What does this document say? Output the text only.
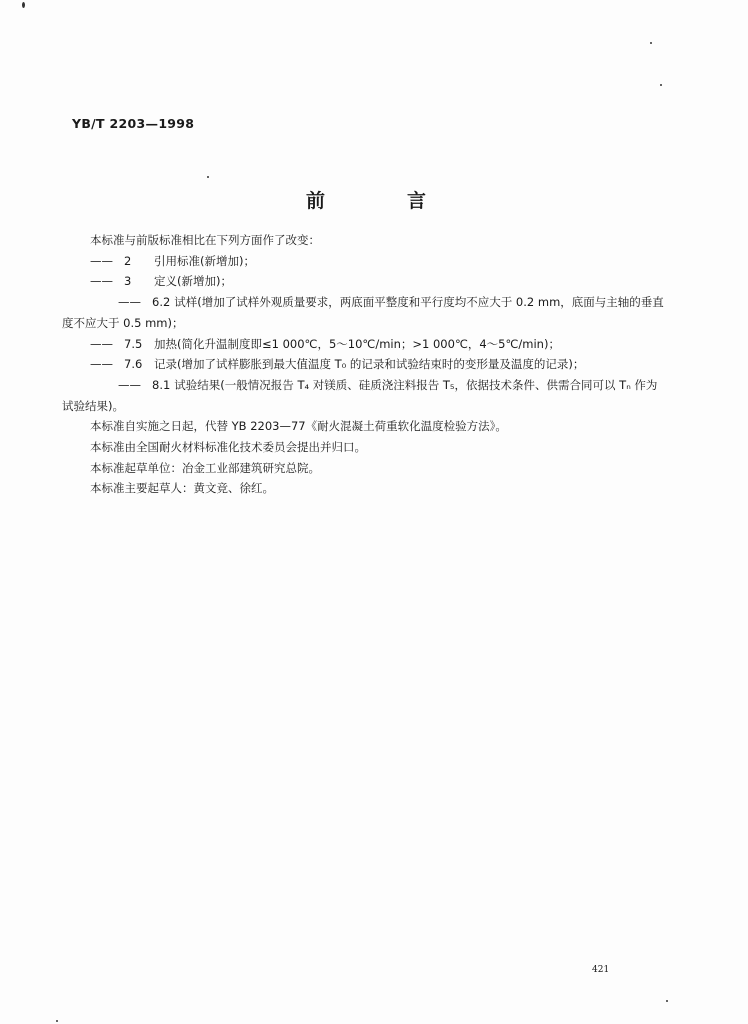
YB/T 2203—1998
前	言

本标准与前版标准相比在下列方面作了改变：

—— 2 引用标准(新增加)；

—— 3 定义(新增加)；

—— 6.2 试样(增加了试样外观质量要求，两底面平整度和平行度均不应大于 0.2 mm，底面与主轴的垂直度不应大于 0.5 mm)；

—— 7.5 加热(简化升温制度即≤1 000℃，5～10℃/min；>1 000℃，4～5℃/min)；

—— 7.6 记录(增加了试样膨胀到最大值温度 T₀ 的记录和试验结束时的变形量及温度的记录)；

—— 8.1 试验结果(一般情况报告 T₄ 对镁质、硅质浇注料报告 T₅，依据技术条件、供需合同可以 Tₙ 作为试验结果)。

本标准自实施之日起，代替 YB 2203—77《耐火混凝土荷重软化温度检验方法》。

本标准由全国耐火材料标准化技术委员会提出并归口。

本标准起草单位：冶金工业部建筑研究总院。

本标准主要起草人：黄文竞、徐红。

421
